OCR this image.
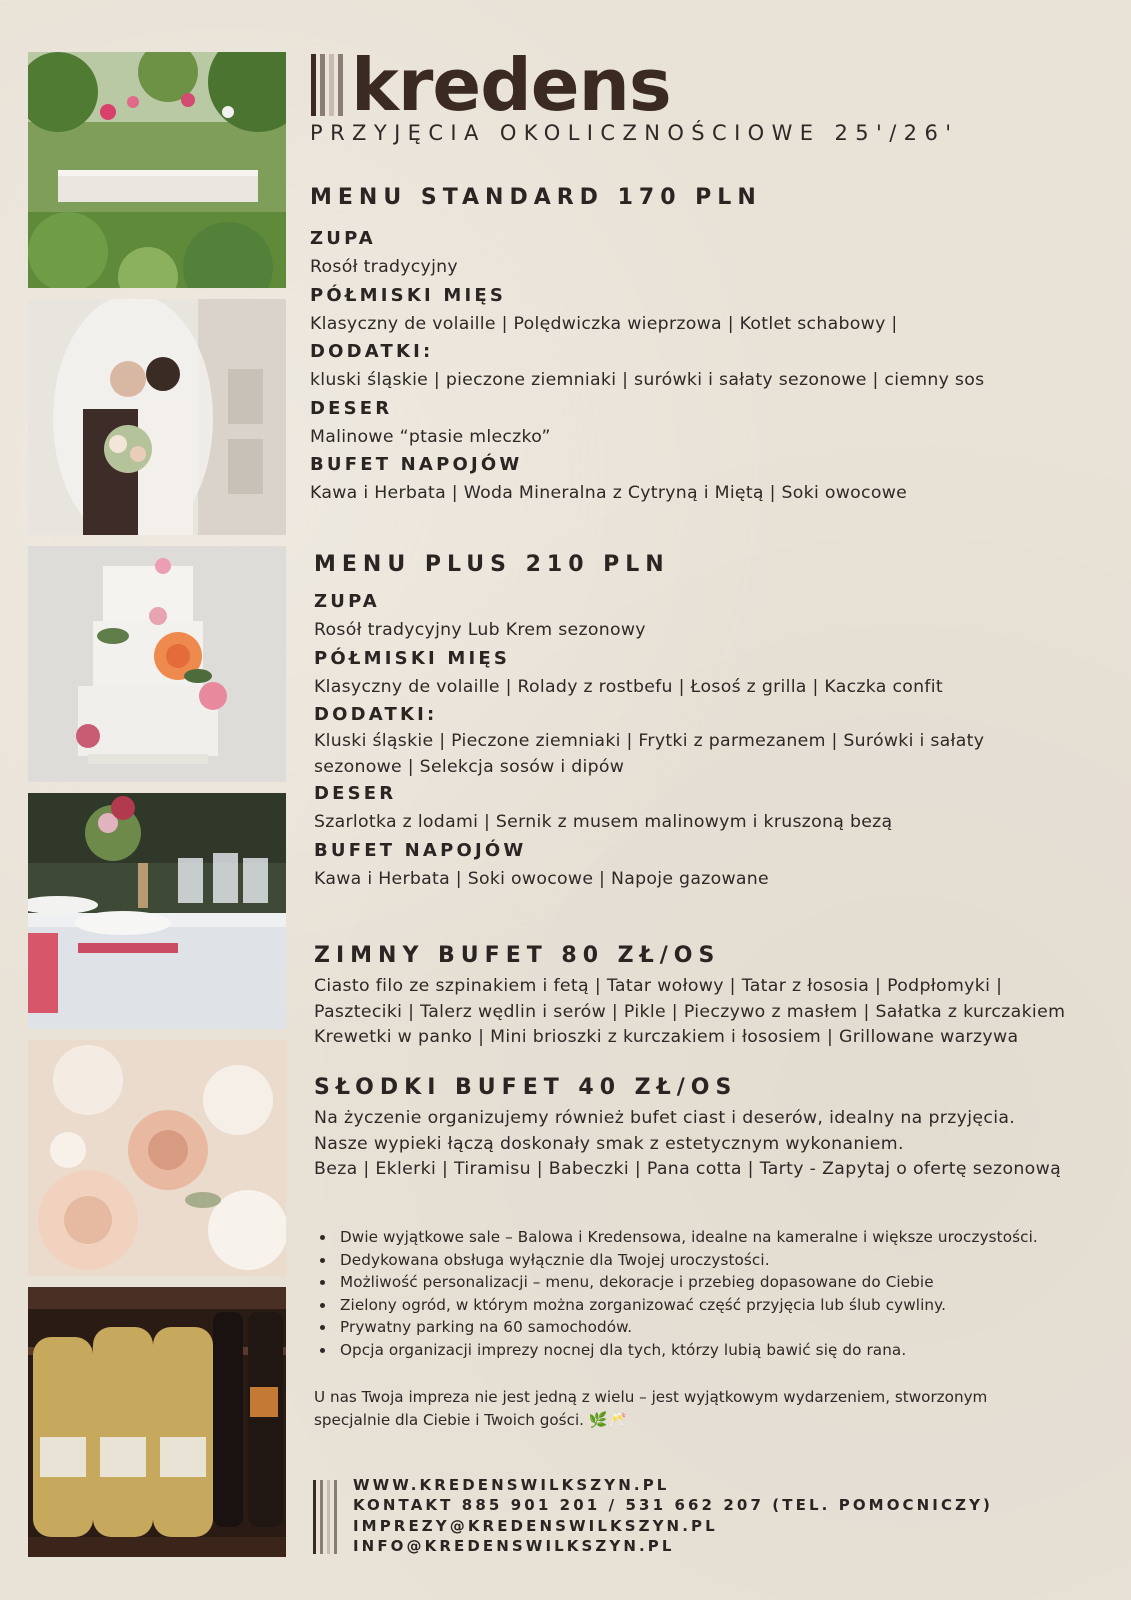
kredens
PRZYJĘCIA OKOLICZNOŚCIOWE 25'/26'
MENU STANDARD 170 PLN
ZUPA
Rosół tradycyjny
PÓŁMISKI MIĘS
Klasyczny de volaille | Polędwiczka wieprzowa | Kotlet schabowy |
DODATKI:
kluski śląskie | pieczone ziemniaki | surówki i sałaty sezonowe | ciemny sos
DESER
Malinowe “ptasie mleczko”
BUFET NAPOJÓW
Kawa i Herbata | Woda Mineralna z Cytryną i Miętą | Soki owocowe
MENU PLUS 210 PLN
ZUPA
Rosół tradycyjny Lub Krem sezonowy
PÓŁMISKI MIĘS
Klasyczny de volaille | Rolady z rostbefu | Łosoś z grilla | Kaczka confit
DODATKI:
Kluski śląskie | Pieczone ziemniaki | Frytki z parmezanem | Surówki i sałaty
sezonowe | Selekcja sosów i dipów
DESER
Szarlotka z lodami | Sernik z musem malinowym i kruszoną bezą
BUFET NAPOJÓW
Kawa i Herbata | Soki owocowe | Napoje gazowane
ZIMNY BUFET 80 ZŁ/OS
Ciasto filo ze szpinakiem i fetą | Tatar wołowy | Tatar z łososia | Podpłomyki |
Paszteciki | Talerz wędlin i serów | Pikle | Pieczywo z masłem | Sałatka z kurczakiem
Krewetki w panko | Mini brioszki z kurczakiem i łososiem | Grillowane warzywa
SŁODKI BUFET 40 ZŁ/OS
Na życzenie organizujemy również bufet ciast i deserów, idealny na przyjęcia.
Nasze wypieki łączą doskonały smak z estetycznym wykonaniem.
Beza | Eklerki | Tiramisu | Babeczki | Pana cotta | Tarty - Zapytaj o ofertę sezonową
• Dwie wyjątkowe sale – Balowa i Kredensowa, idealne na kameralne i większe uroczystości.
• Dedykowana obsługa wyłącznie dla Twojej uroczystości.
• Możliwość personalizacji – menu, dekoracje i przebieg dopasowane do Ciebie
• Zielony ogród, w którym można zorganizować część przyjęcia lub ślub cywliny.
• Prywatny parking na 60 samochodów.
• Opcja organizacji imprezy nocnej dla tych, którzy lubią bawić się do rana.
U nas Twoja impreza nie jest jedną z wielu – jest wyjątkowym wydarzeniem, stworzonym
specjalnie dla Ciebie i Twoich gości. 🌿🥂
WWW.KREDENSWILKSZYN.PL
KONTAKT 885 901 201 / 531 662 207 (TEL. POMOCNICZY)
IMPREZY@KREDENSWILKSZYN.PL
INFO@KREDENSWILKSZYN.PL
